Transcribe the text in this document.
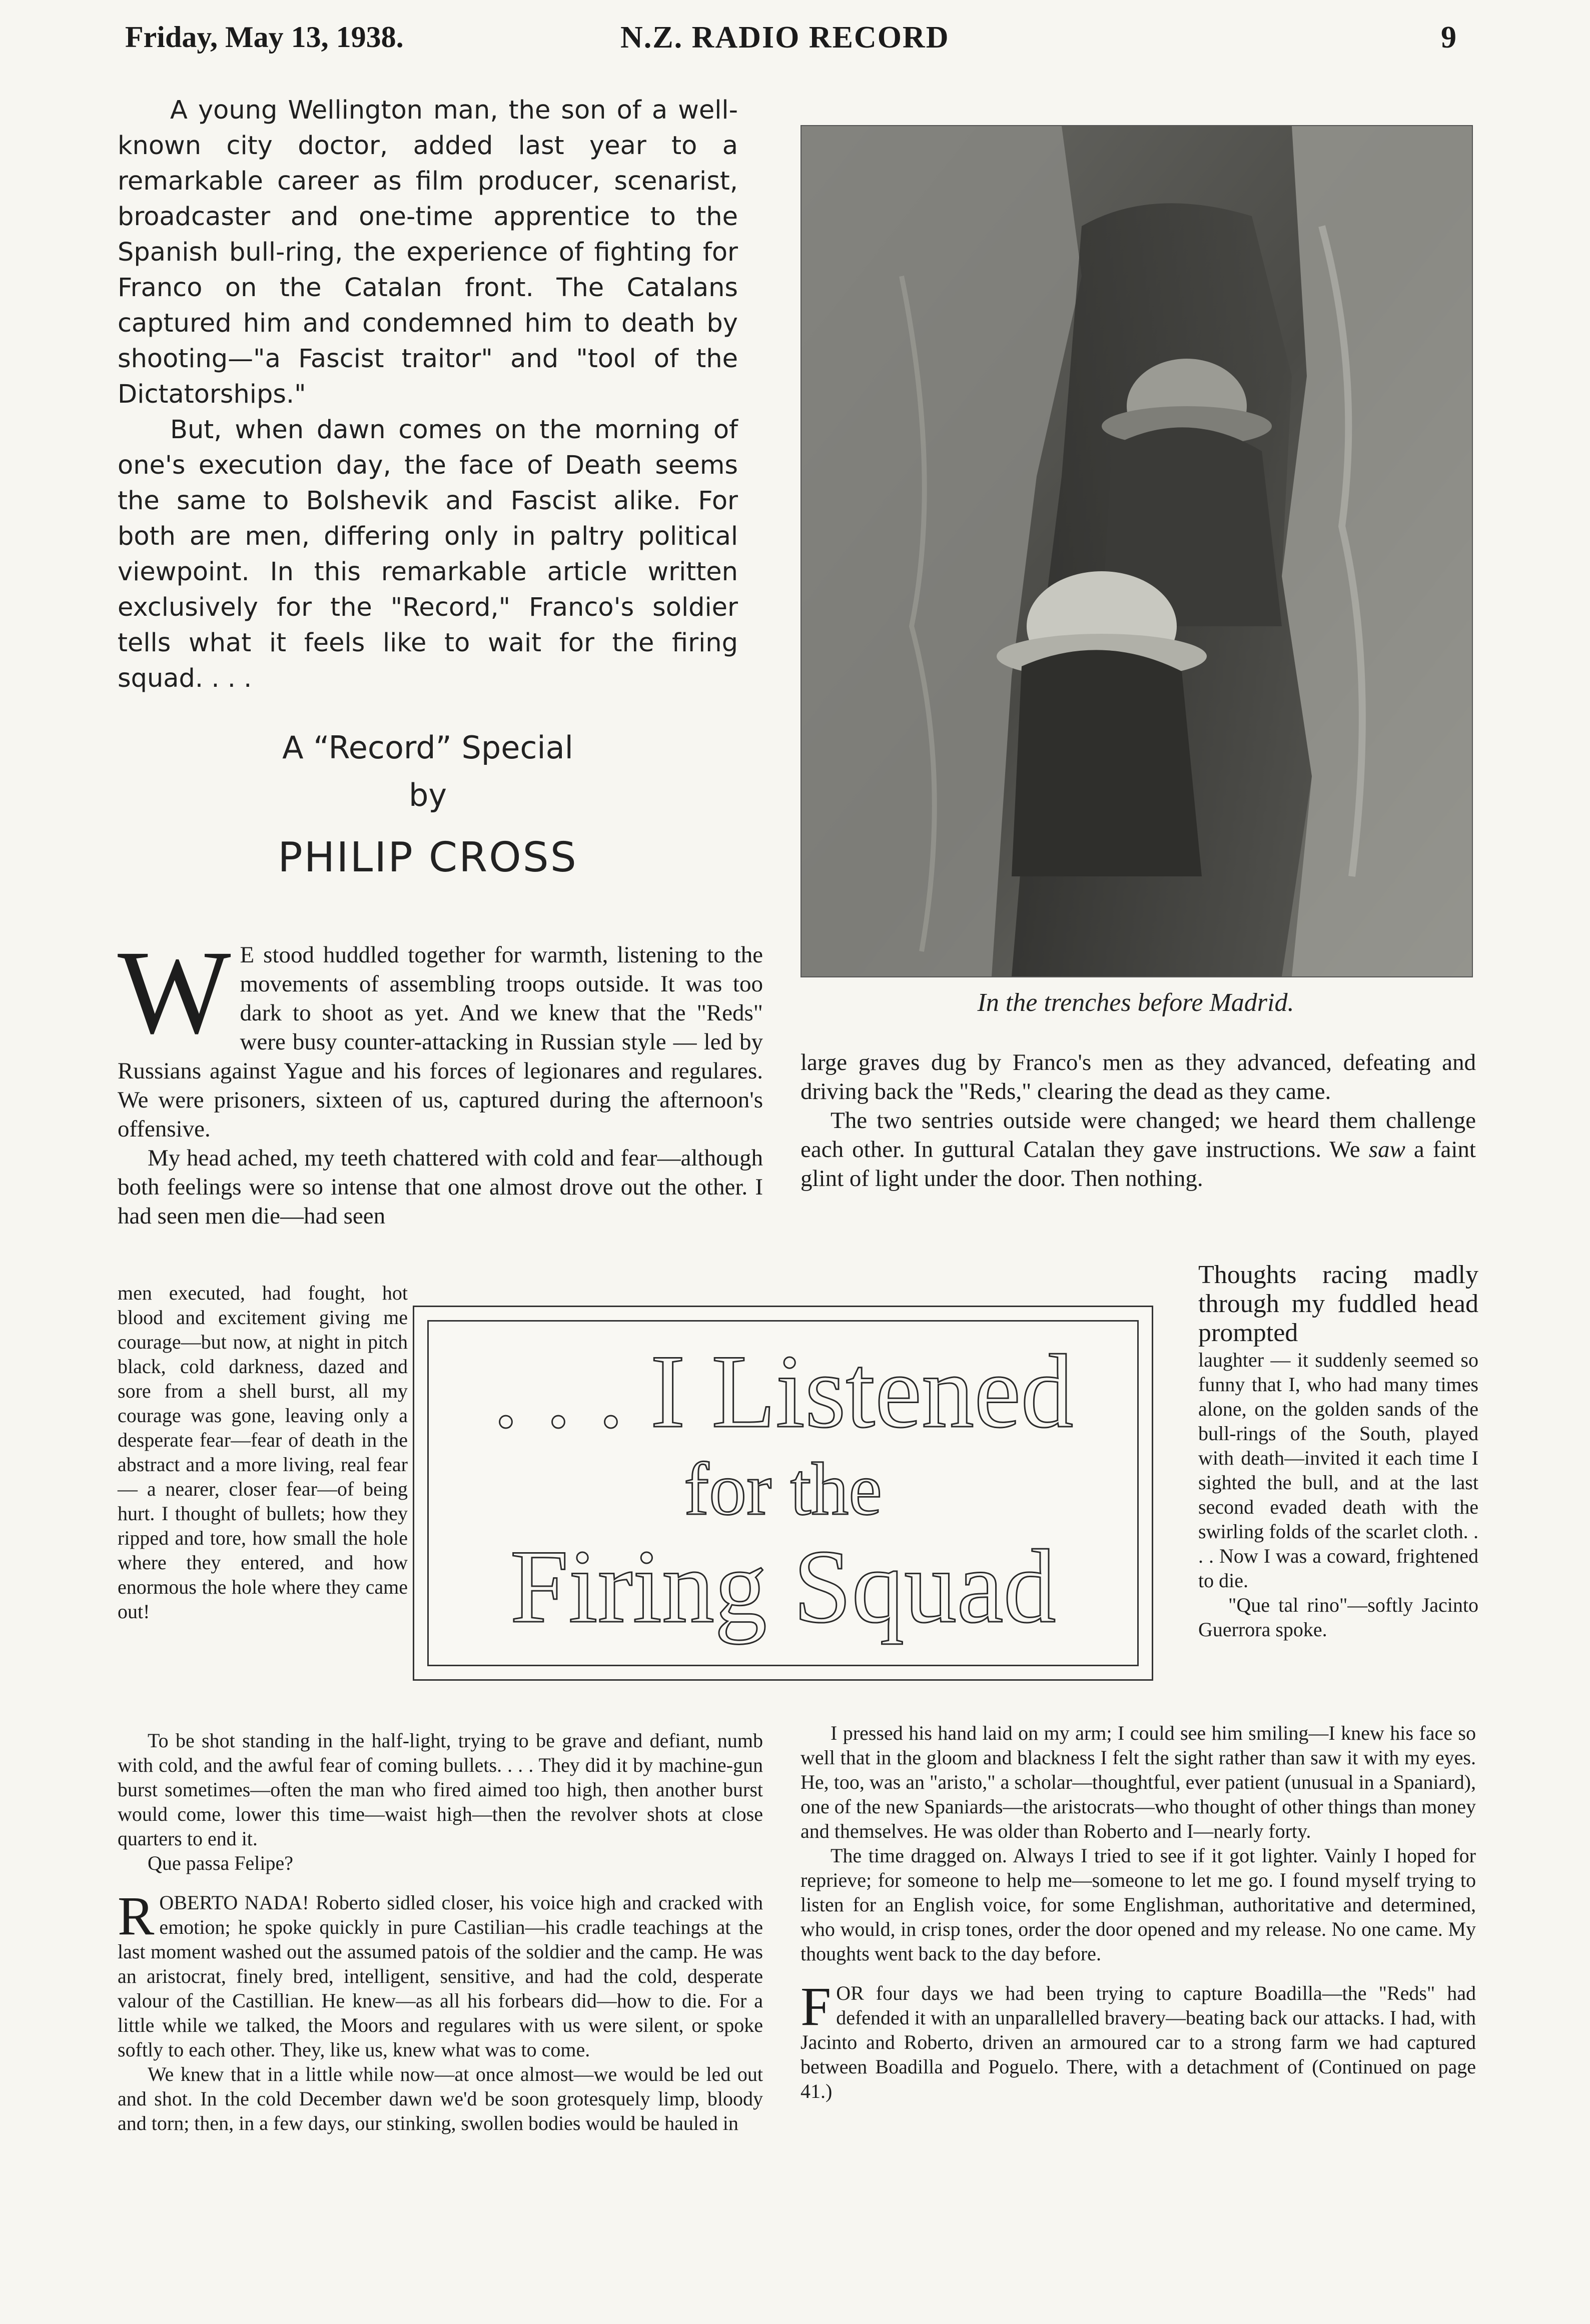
Friday, May 13, 1938.	N.Z. RADIO RECORD	9

A young Wellington man, the son of a well-known city doctor, added last year to a remarkable career as film producer, scenarist, broadcaster and one-time apprentice to the Spanish bull-ring, the experience of fighting for Franco on the Catalan front. The Catalans captured him and condemned him to death by shooting—"a Fascist traitor" and "tool of the Dictatorships."

But, when dawn comes on the morning of one's execution day, the face of Death seems the same to Bolshevik and Fascist alike. For both are men, differing only in paltry political viewpoint. In this remarkable article written exclusively for the "Record," Franco's soldier tells what it feels like to wait for the firing squad. . . .

A “Record” Special
by
PHILIP CROSS
In the trenches before Madrid.

W E stood huddled together for warmth, listening to the movements of assembling troops outside. It was too dark to shoot as yet. And we knew that the "Reds" were busy counter-attacking in Russian style — led by Russians against Yague and his forces of legionares and regulares. We were prisoners, sixteen of us, captured during the afternoon's offensive.

My head ached, my teeth chattered with cold and fear—although both feelings were so intense that one almost drove out the other. I had seen men die—had seen

men executed, had fought, hot blood and excitement giving me courage—but now, at night in pitch black, cold darkness, dazed and sore from a shell burst, all my courage was gone, leaving only a desperate fear—fear of death in the abstract and a more living, real fear — a nearer, closer fear—of being hurt. I thought of bullets; how they ripped and tore, how small the hole where they entered, and how enormous the hole where they came out!

. . . I Listened
for the
Firing Squad

Thoughts racing madly through my fuddled head prompted

laughter — it suddenly seemed so funny that I, who had many times alone, on the golden sands of the bull-rings of the South, played with death—invited it each time I sighted the bull, and at the last second evaded death with the swirling folds of the scarlet cloth. . . . Now I was a coward, frightened to die.

"Que tal rino"—softly Jacinto Guerrora spoke.

To be shot standing in the half-light, trying to be grave and defiant, numb with cold, and the awful fear of coming bullets. . . . They did it by machine-gun burst sometimes—often the man who fired aimed too high, then another burst would come, lower this time—waist high—then the revolver shots at close quarters to end it.

Que passa Felipe?

ROBERTO NADA! Roberto sidled closer, his voice high and cracked with emotion; he spoke quickly in pure Castilian—his cradle teachings at the last moment washed out the assumed patois of the soldier and the camp. He was an aristocrat, finely bred, intelligent, sensitive, and had the cold, desperate valour of the Castillian. He knew—as all his forbears did—how to die. For a little while we talked, the Moors and regulares with us were silent, or spoke softly to each other. They, like us, knew what was to come.

We knew that in a little while now—at once almost—we would be led out and shot. In the cold December dawn we'd be soon grotesquely limp, bloody and torn; then, in a few days, our stinking, swollen bodies would be hauled in

large graves dug by Franco's men as they advanced, defeating and driving back the "Reds," clearing the dead as they came.

The two sentries outside were changed; we heard them challenge each other. In guttural Catalan they gave instructions. We saw a faint glint of light under the door. Then nothing.

I pressed his hand laid on my arm; I could see him smiling—I knew his face so well that in the gloom and blackness I felt the sight rather than saw it with my eyes. He, too, was an "aristo," a scholar—thoughtful, ever patient (unusual in a Spaniard), one of the new Spaniards—the aristocrats—who thought of other things than money and themselves. He was older than Roberto and I—nearly forty.

The time dragged on. Always I tried to see if it got lighter. Vainly I hoped for reprieve; for someone to help me—someone to let me go. I found myself trying to listen for an English voice, for some Englishman, authoritative and determined, who would, in crisp tones, order the door opened and my release. No one came. My thoughts went back to the day before.

FOR four days we had been trying to capture Boadilla—the "Reds" had defended it with an unparallelled bravery—beating back our attacks. I had, with Jacinto and Roberto, driven an armoured car to a strong farm we had captured between Boadilla and Poguelo. There, with a detachment of (Continued on page 41.)
